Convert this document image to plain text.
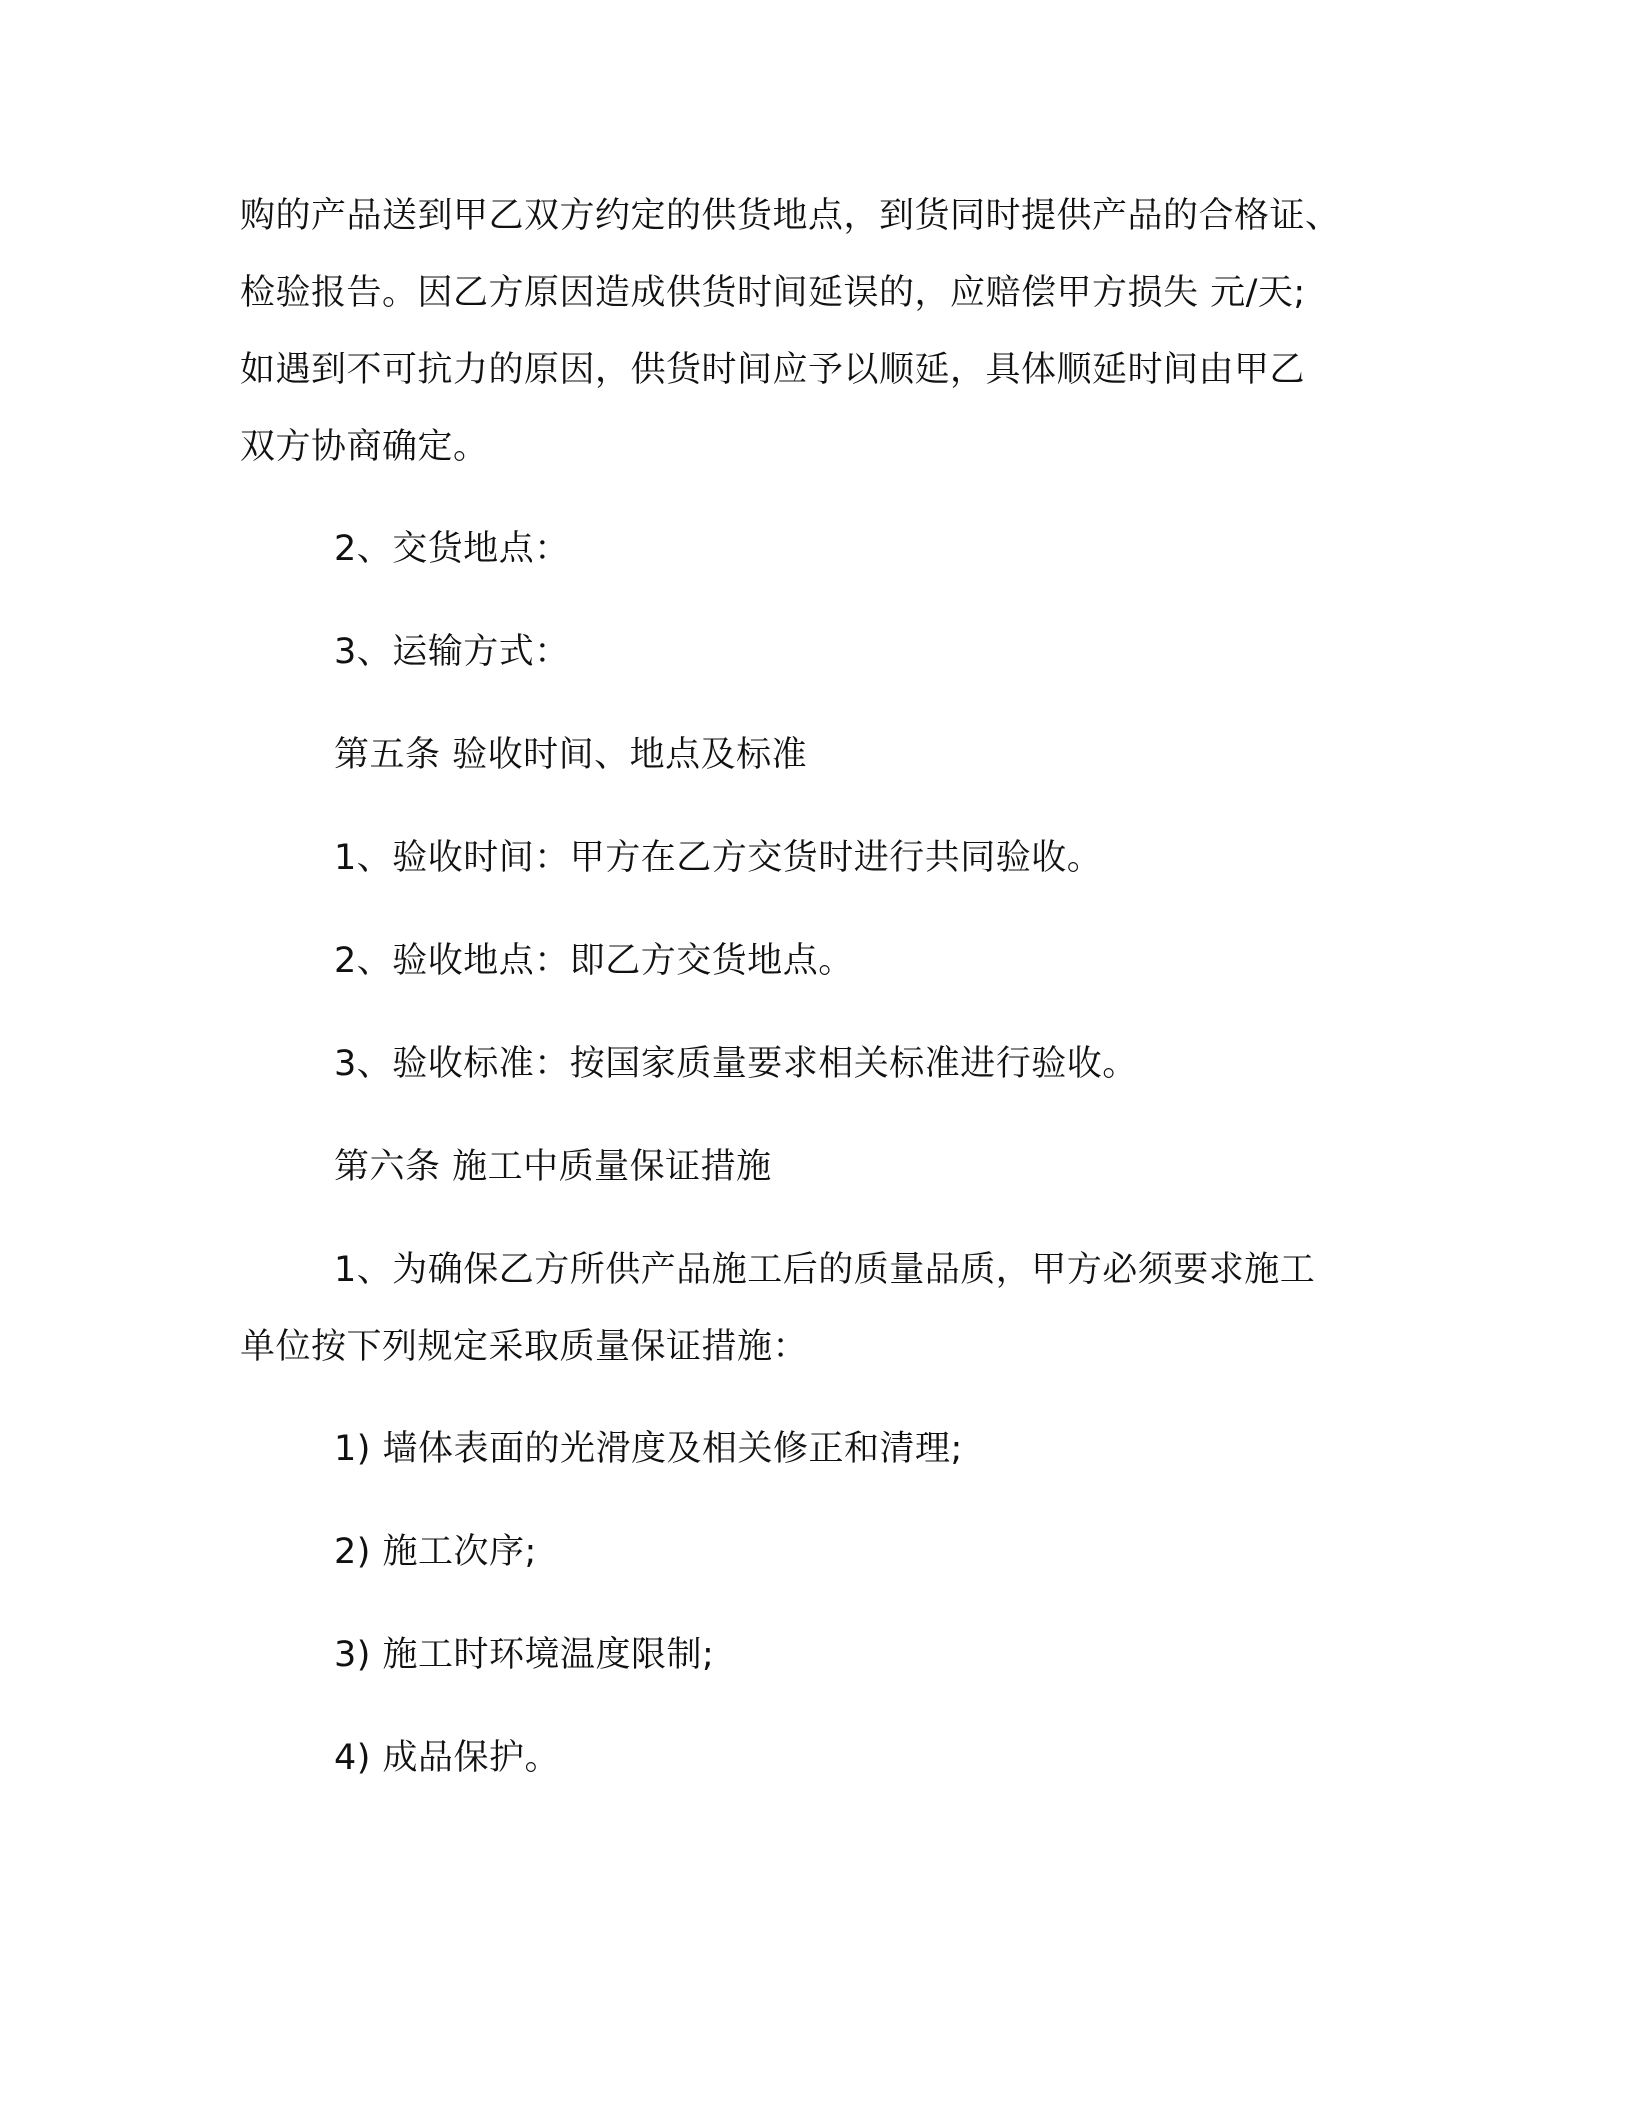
购的产品送到甲乙双方约定的供货地点，到货同时提供产品的合格证、

检验报告。因乙方原因造成供货时间延误的，应赔偿甲方损失 元/天;

如遇到不可抗力的原因，供货时间应予以顺延，具体顺延时间由甲乙

双方协商确定。

2、交货地点：

3、运输方式：

第五条 验收时间、地点及标准

1、验收时间：甲方在乙方交货时进行共同验收。

2、验收地点：即乙方交货地点。

3、验收标准：按国家质量要求相关标准进行验收。

第六条 施工中质量保证措施

1、为确保乙方所供产品施工后的质量品质，甲方必须要求施工

单位按下列规定采取质量保证措施：

1) 墙体表面的光滑度及相关修正和清理;

2) 施工次序;

3) 施工时环境温度限制;

4) 成品保护。
